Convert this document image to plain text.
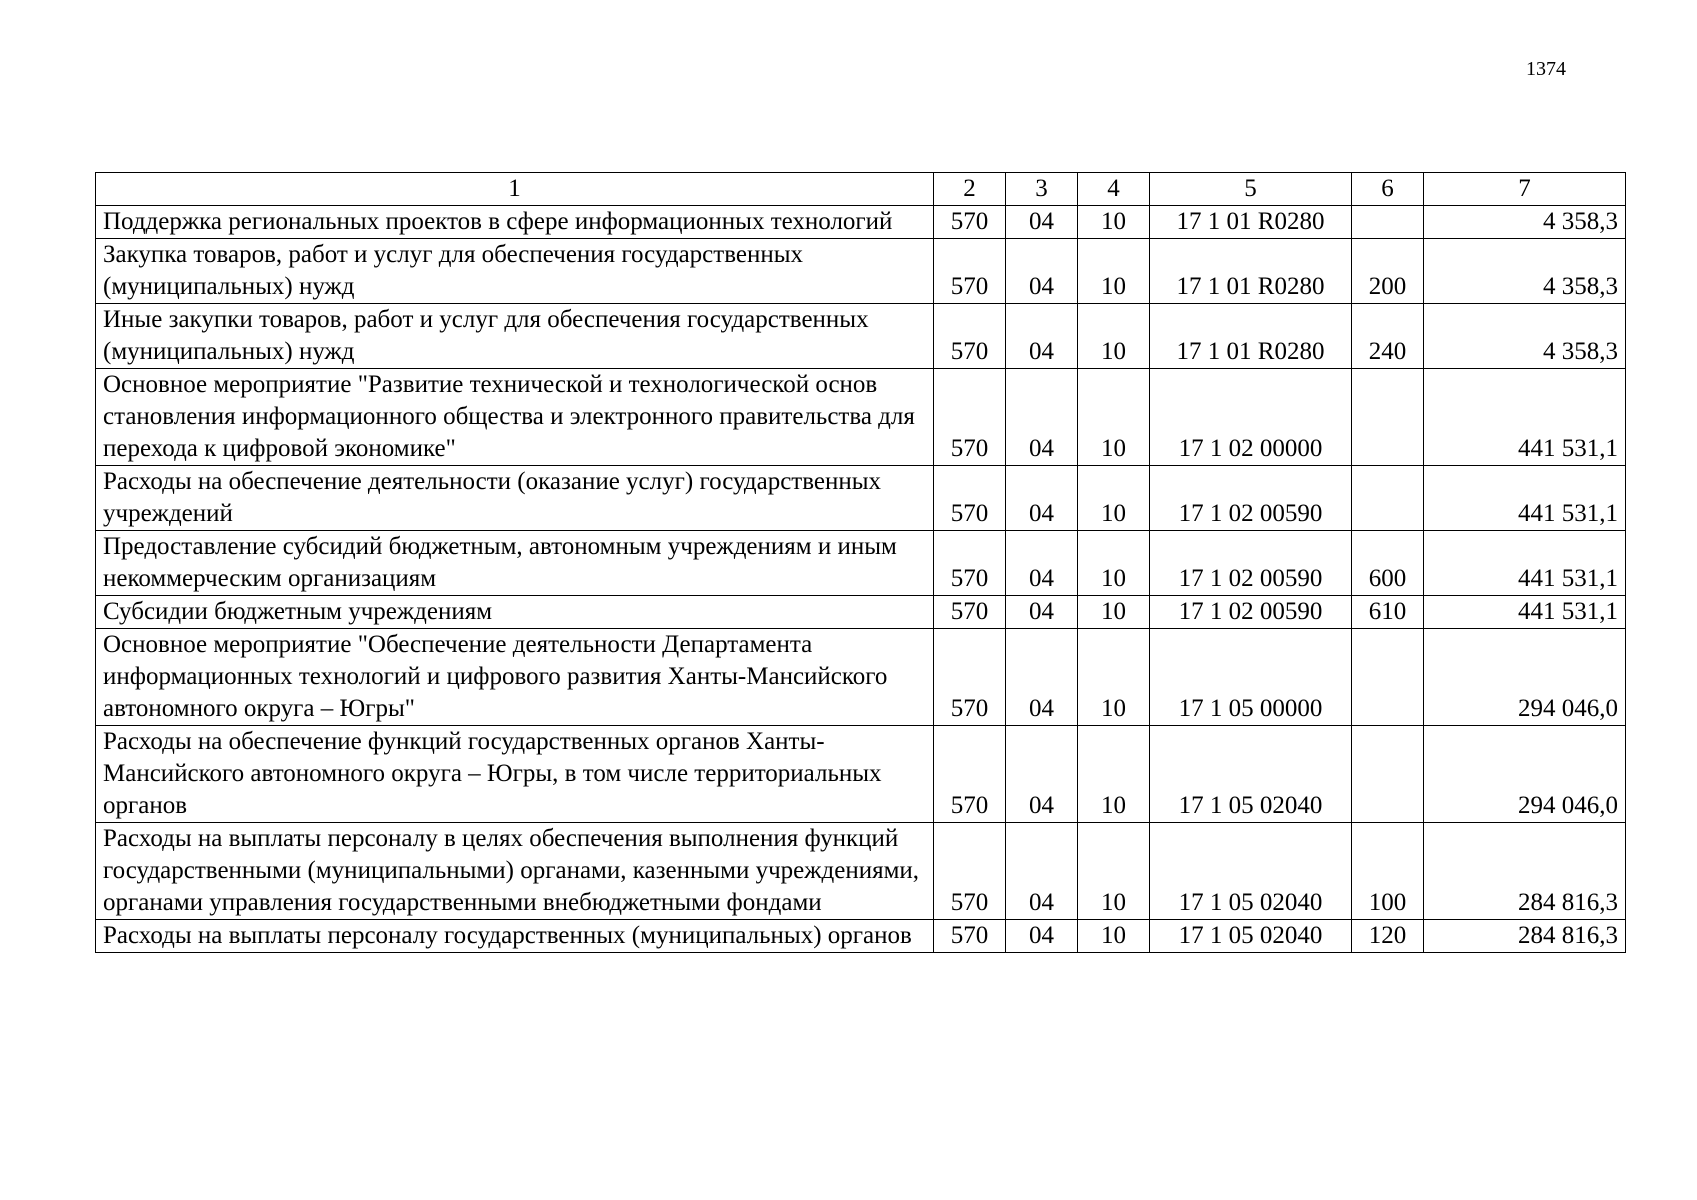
1374
1	2	3	4	5	6	7
Поддержка региональных проектов в сфере информационных технологий	570	04	10	17 1 01 R0280		4 358,3
Закупка товаров, работ и услуг для обеспечения государственных (муниципальных) нужд	570	04	10	17 1 01 R0280	200	4 358,3
Иные закупки товаров, работ и услуг для обеспечения государственных (муниципальных) нужд	570	04	10	17 1 01 R0280	240	4 358,3
Основное мероприятие "Развитие технической и технологической основ становления информационного общества и электронного правительства для перехода к цифровой экономике"	570	04	10	17 1 02 00000		441 531,1
Расходы на обеспечение деятельности (оказание услуг) государственных учреждений	570	04	10	17 1 02 00590		441 531,1
Предоставление субсидий бюджетным, автономным учреждениям и иным некоммерческим организациям	570	04	10	17 1 02 00590	600	441 531,1
Субсидии бюджетным учреждениям	570	04	10	17 1 02 00590	610	441 531,1
Основное мероприятие "Обеспечение деятельности Департамента информационных технологий и цифрового развития Ханты-Мансийского автономного округа – Югры"	570	04	10	17 1 05 00000		294 046,0
Расходы на обеспечение функций государственных органов Ханты-Мансийского автономного округа – Югры, в том числе территориальных органов	570	04	10	17 1 05 02040		294 046,0
Расходы на выплаты персоналу в целях обеспечения выполнения функций государственными (муниципальными) органами, казенными учреждениями, органами управления государственными внебюджетными фондами	570	04	10	17 1 05 02040	100	284 816,3
Расходы на выплаты персоналу государственных (муниципальных) органов	570	04	10	17 1 05 02040	120	284 816,3
